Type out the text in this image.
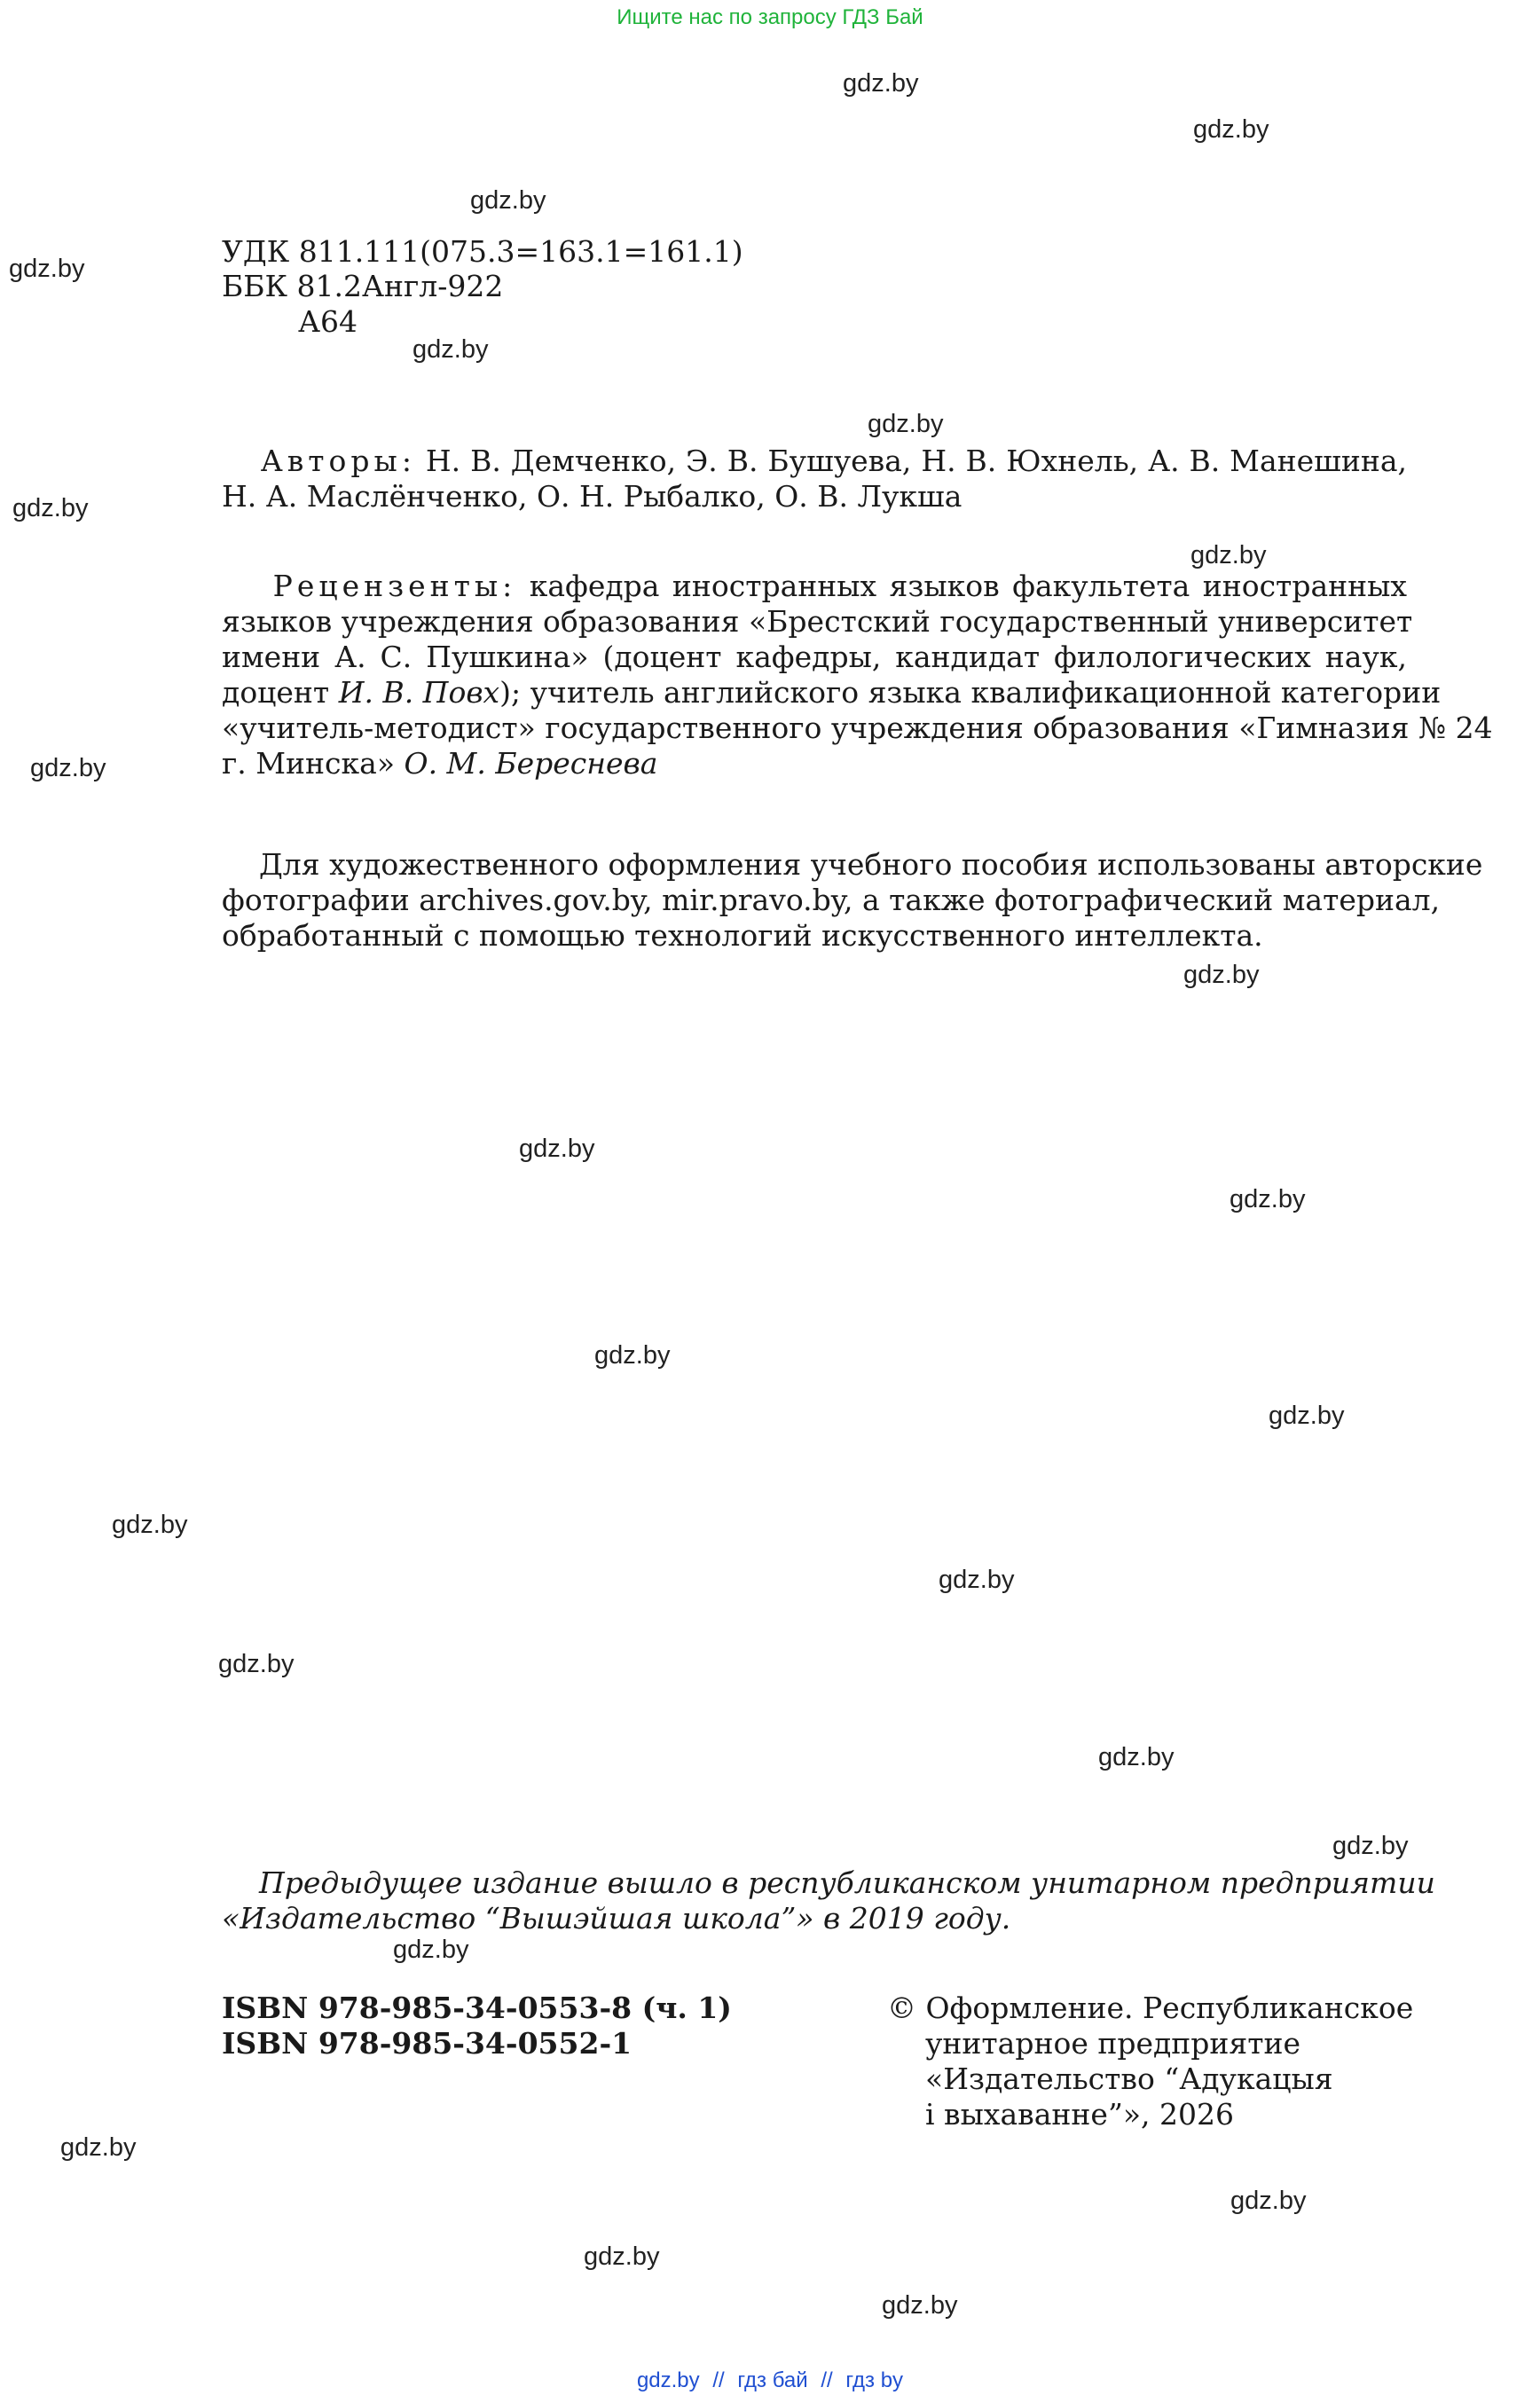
Ищите нас по запросу ГДЗ Бай
gdz.by
gdz.by
gdz.by
gdz.by
gdz.by
gdz.by
gdz.by
gdz.by
gdz.by
gdz.by
gdz.by
gdz.by
gdz.by
gdz.by
gdz.by
gdz.by
gdz.by
gdz.by
gdz.by
gdz.by
gdz.by
gdz.by
gdz.by
gdz.by
УДК 811.111(075.3=163.1=161.1)
ББК 81.2Англ-922
А64
Авторы: Н. В. Демченко, Э. В. Бушуева, Н. В. Юхнель, А. В. Манешина,
Н. А. Маслёнченко, О. Н. Рыбалко, О. В. Лукша
Рецензенты: кафедра иностранных языков факультета иностранных
языков учреждения образования «Брестский государственный университет
имени А. С. Пушкина» (доцент кафедры, кандидат филологических наук,
доцент И. В. Повх); учитель английского языка квалификационной категории
«учитель-методист» государственного учреждения образования «Гимназия № 24
г. Минска» О. М. Береснева
Для художественного оформления учебного пособия использованы авторские
фотографии archives.gov.by, mir.pravo.by, а также фотографический материал,
обработанный с помощью технологий искусственного интеллекта.
Предыдущее издание вышло в республиканском унитарном предприятии
«Издательство “Вышэйшая школа”» в 2019 году.
ISBN 978-985-34-0553-8 (ч. 1)
ISBN 978-985-34-0552-1
© Оформление. Республиканское
унитарное предприятие
«Издательство “Адукацыя
і выхаванне”», 2026
gdz.by // гдз бай // гдз by
